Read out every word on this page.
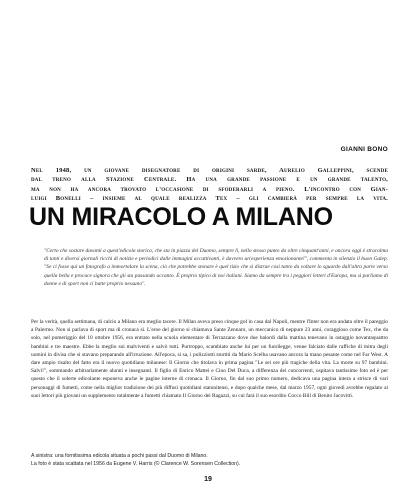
GIANNI BONO

Nel 1948, un giovane disegnatore di origini sarde, Aurelio Galleppini, scende
dal treno alla Stazione Centrale. Ha una grande passione e un grande talento,
ma non ha ancora trovato l'occasione di sfoderarli a pieno. L'incontro con Gian-
luigi Bonelli – insieme al quale realizza Tex – gli cambierà per sempre la vita.

UN MIRACOLO A MILANO

"Certo che sostare davanti a quest'edicola storica, che sta in piazza del Duomo, sempre lì, nello stesso punto da oltre cinquant'anni, e ancora oggi è stracolma di tanti e diversi giornali ricchi di notizie e periodici dalle immagini accattivanti, è davvero un'esperienza emozionante!", commenta in silenzio il buon Galep. "Se ci fosse qui un fotografo a immortalare la scena, ciò che potrebbe stonare è quel tizio che si distrae così tanto da voltare lo sguardo dall'altra parte verso quella bella e procace signora che gli sta passando accanto. È proprio tipico di noi italiani. Siamo da sempre tra i peggiori letteri d'Europa, ma si parliamo di donne e di sport non ci batte proprio nessuno".

Per la verità, quella settimana, di calcio a Milano era meglio tacere. Il Milan aveva preso cinque gol in casa dal Napoli, mentre l'Inter non era andata oltre il pareggio a Palermo. Non si parlava di sport ma di cronaca sì. L'eroe del giorno si chiamava Sante Zennaro, un meccanico di neppure 23 anni, coraggioso come Tex, che da solo, nel pomeriggio del 10 ottobre 1956, era entrato nella scuola elementare di Terrazzano dove due balordi dalla mattina tenevano in ostaggio novantaquattro bambini e tre maestre. Ebbe la meglio sui malviventi e salvò tutti. Purtroppo, scambiato anche lui per un fuorilegge, venne falciato dalle raffiche di mitra degli uomini in divisa che si stavano preparando all'irruzione. All'epoca, si sa, i polizziotti sturtiti da Mario Scelba usavano ancora la mano pesante come nel Far West. A dare ampio risalto del fatto era il nuovo quotidiano milanese: Il Giorno che titolava in prima pagina "Le sei ore più tragiche della vita. La morte su 97 bambini. Salvi!", sommando arbitrariamente alunni e insegnanti. Il figlio di Enrico Mattei e Cino Del Duca, a differenza dei concorrenti, ospitava tantissime foto ed è per questo che il solerte edicolante esponeva anche le pagine interne di cronaca. Il Giorno, fin dal suo primo numero, dedicava una pagina intera a strisce di vari personaggi di fumetti, come nella miglior tradizione dei più diffusi quotidiani statunitensi, e dopo qualche mese, dal marzo 1957, ogni giovedì avrebbe regalato ai suoi lettori più giovani un supplemento totalmente a fumetti chiamato Il Giorno dei Ragazzi, su cui farà il suo esordito Cocco Bill di Benito Jacovitti.

A sinistra: una fornitissima edicola situata a pochi passi dal Duomo di Milano.
La foto è stata scattata nel 1956 da Eugene V. Harris (© Clarence W. Sorensen Collection).

19
